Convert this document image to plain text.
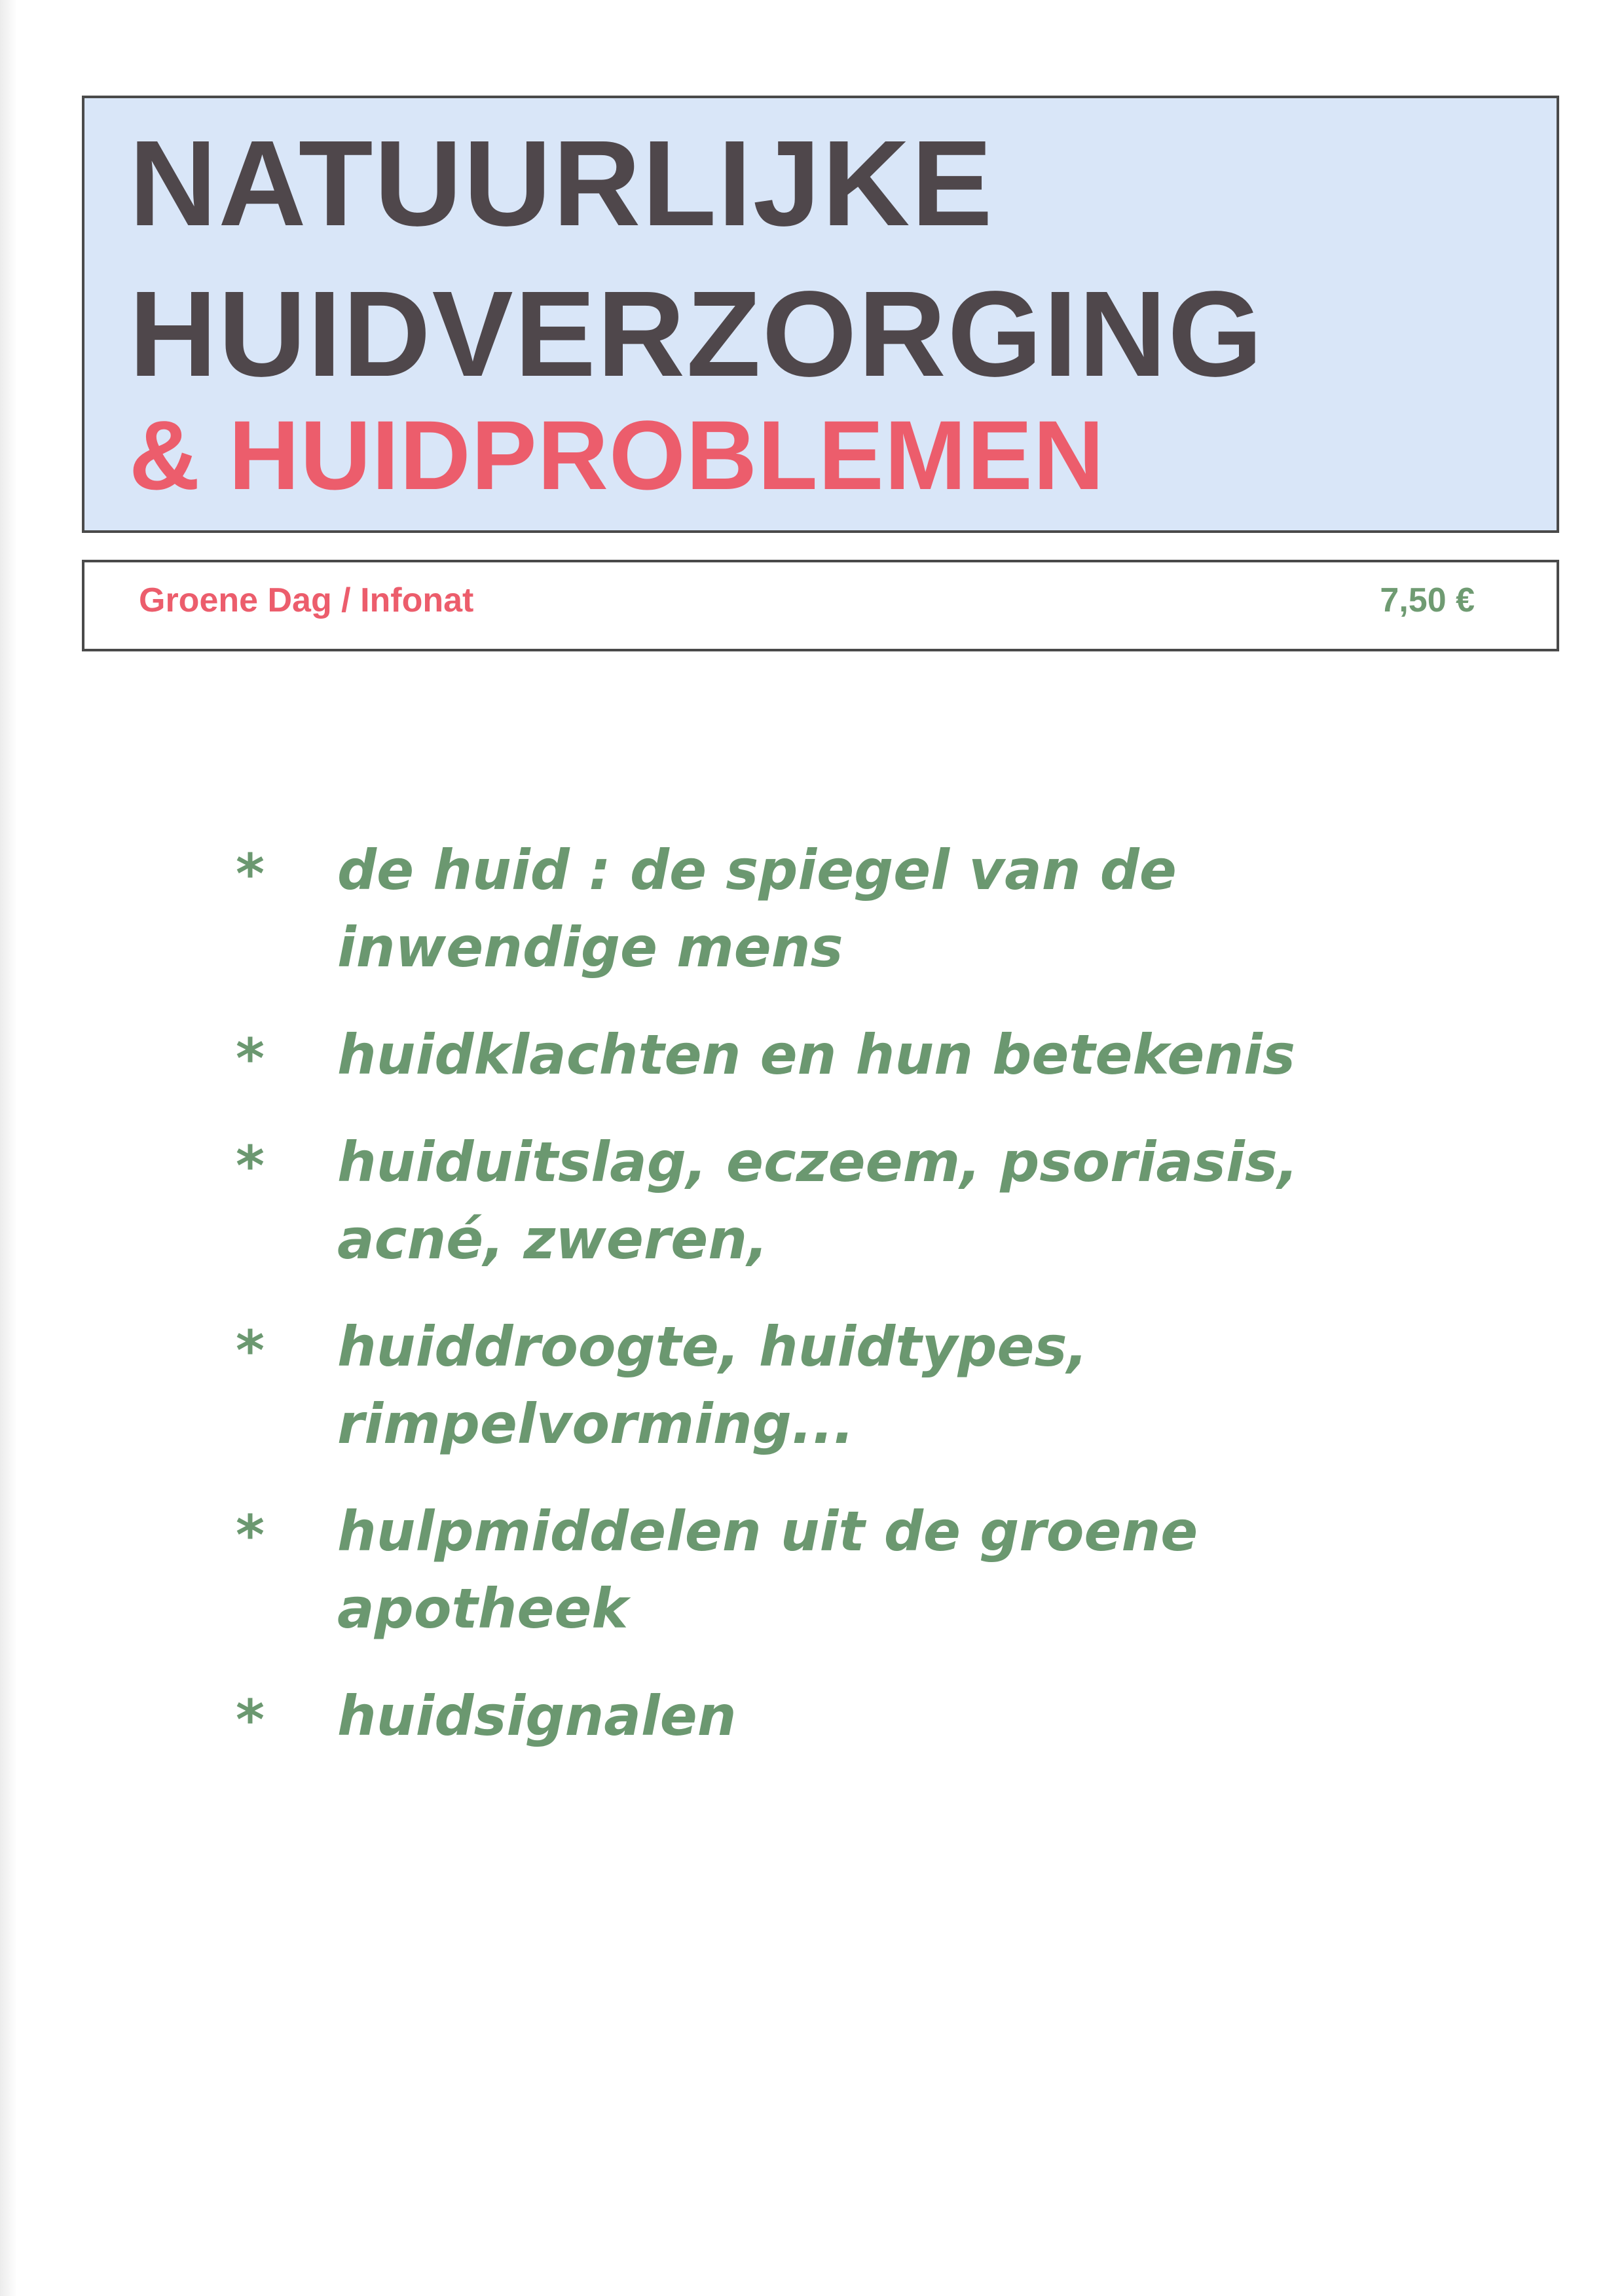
NATUURLIJKE
HUIDVERZORGING
& HUIDPROBLEMEN
Groene Dag / Infonat	7,50 €
* de huid : de spiegel van de
inwendige mens
* huidklachten en hun betekenis
* huiduitslag, eczeem, psoriasis,
acné, zweren,
* huiddroogte, huidtypes,
rimpelvorming...
* hulpmiddelen uit de groene
apotheek
* huidsignalen
